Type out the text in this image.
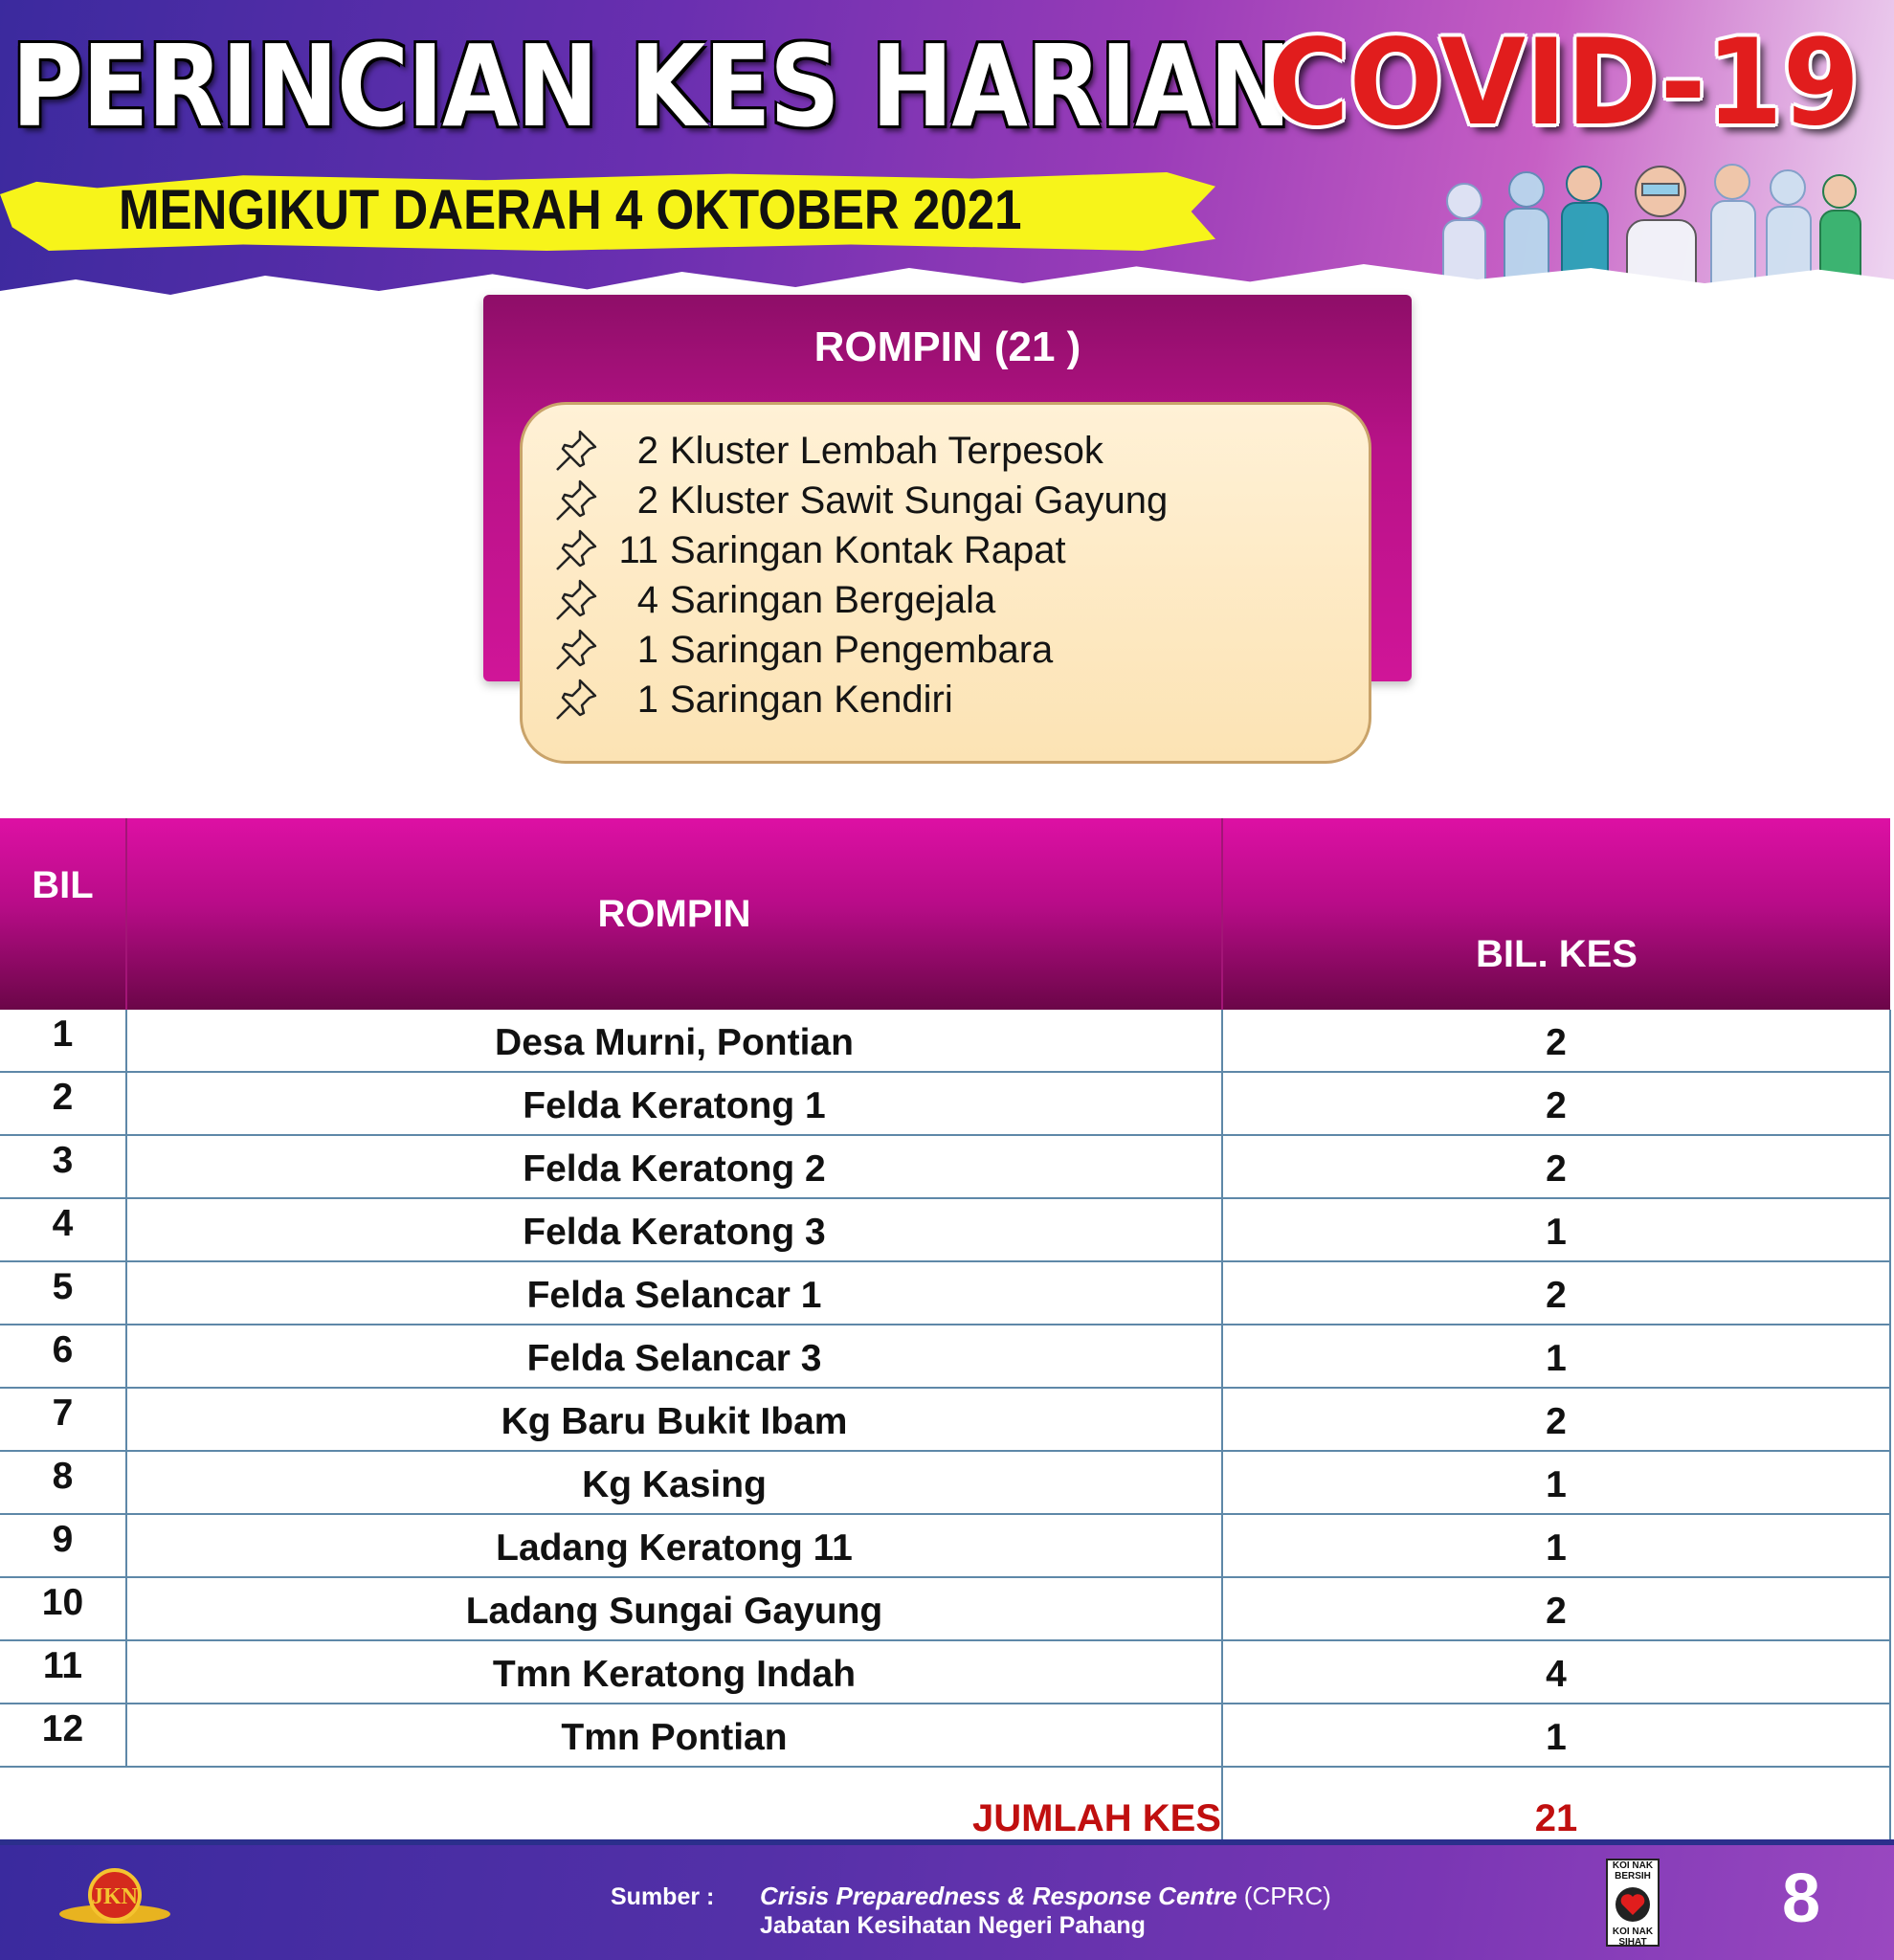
PERINCIAN KES HARIAN
COVID-19
MENGIKUT DAERAH 4 OKTOBER 2021
ROMPIN (21 )
2 Kluster Lembah Terpesok
2 Kluster Sawit Sungai Gayung
11 Saringan Kontak Rapat
4 Saringan Bergejala
1 Saringan Pengembara
1 Saringan Kendiri
BIL	ROMPIN	BIL. KES
1	Desa Murni, Pontian	2
2	Felda Keratong 1	2
3	Felda Keratong 2	2
4	Felda Keratong 3	1
5	Felda Selancar 1	2
6	Felda Selancar 3	1
7	Kg Baru Bukit Ibam	2
8	Kg Kasing	1
9	Ladang Keratong 11	1
10	Ladang Sungai Gayung	2
11	Tmn Keratong Indah	4
12	Tmn Pontian	1
JUMLAH KES		21
JKN	Sumber : Crisis Preparedness & Response Centre (CPRC)
Jabatan Kesihatan Negeri Pahang
KOI NAK BERSIH
KOI NAK SIHAT
8
